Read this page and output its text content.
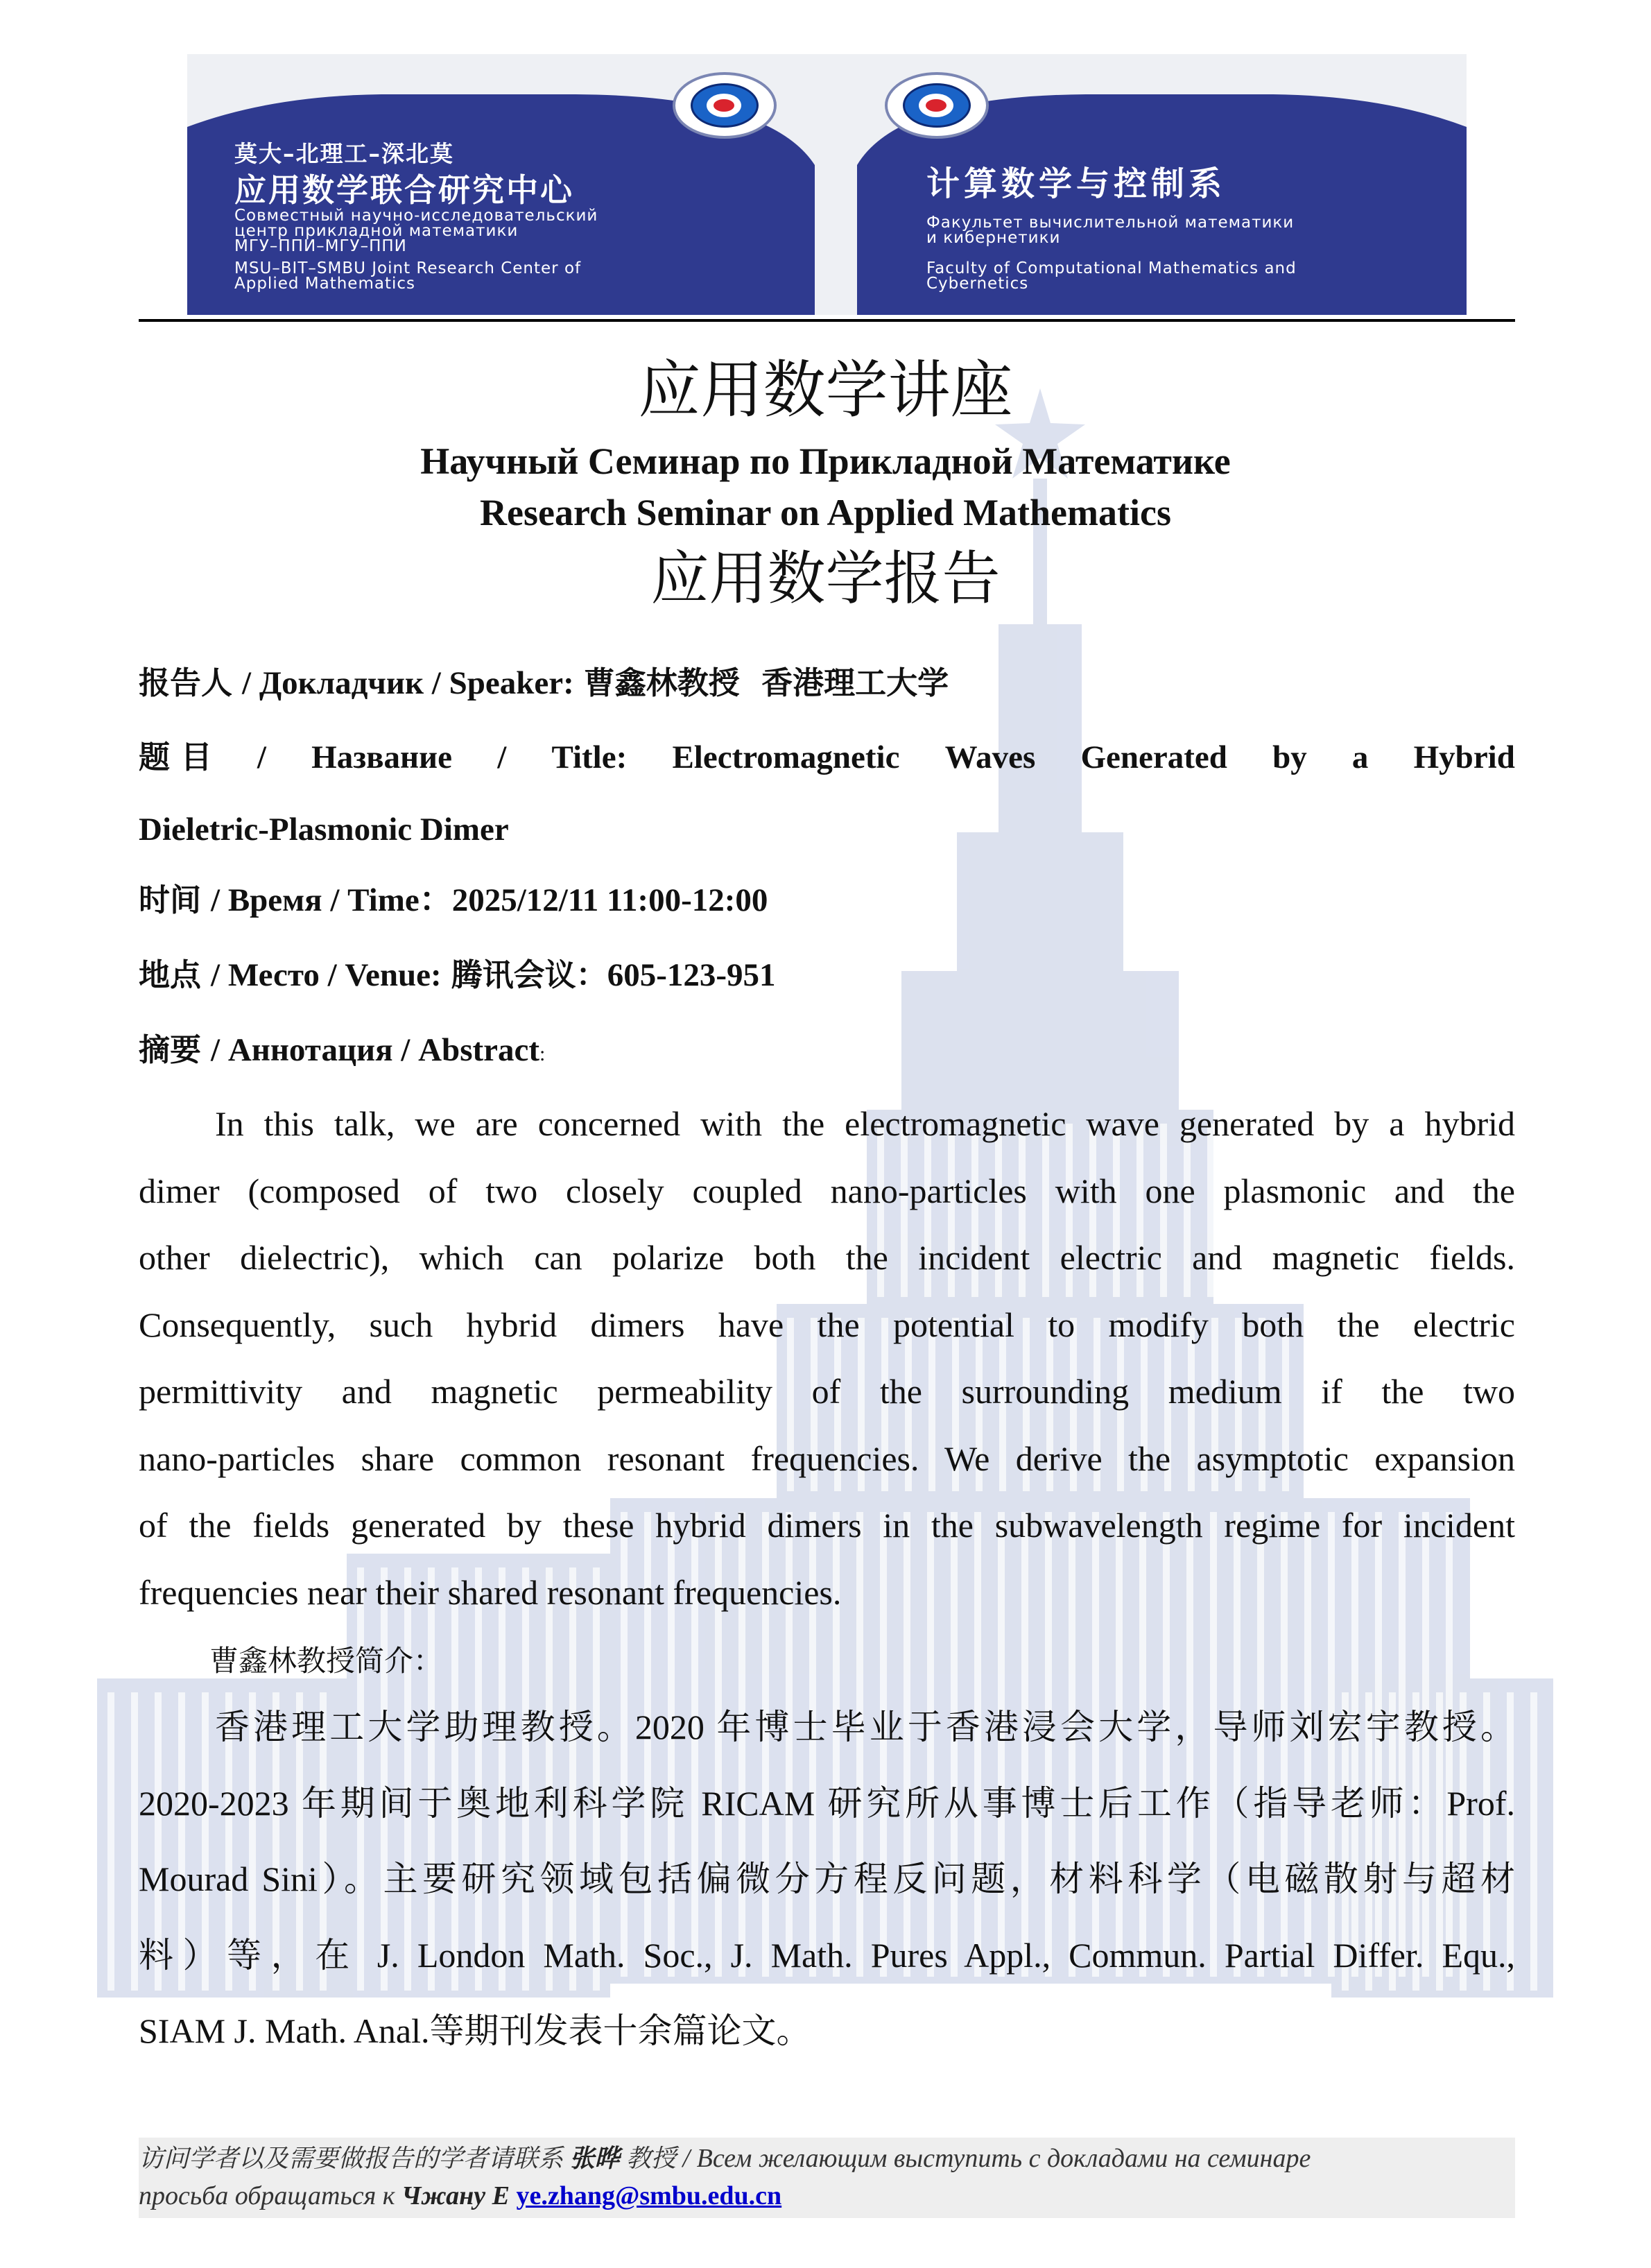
莫大–北理工–深北莫
应用数学联合研究中心
Совместный научно-исследовательский
центр прикладной математики
МГУ–ППИ–МГУ–ППИ
MSU–BIT–SMBU Joint Research Center of
Applied Mathematics
计算数学与控制系
Факультет вычислительной математики
и кибернетики
Faculty of Computational Mathematics and
Cybernetics
应用数学讲座
Научный Семинар по Прикладной Математике
Research Seminar on Applied Mathematics
应用数学报告
报告人 / Докладчик / Speaker: 曹鑫林教授  香港理工大学
题 目 / Название / Title: Electromagnetic Waves Generated by a Hybrid
Dieletric-Plasmonic Dimer
时间 / Время / Time：2025/12/11 11:00-12:00
地点 / Место / Venue: 腾讯会议：605-123-951
摘要 / Аннотация / Abstract:
In this talk, we are concerned with the electromagnetic wave generated by a hybrid
dimer (composed of two closely coupled nano-particles with one plasmonic and the
other dielectric), which can polarize both the incident electric and magnetic fields.
Consequently, such hybrid dimers have the potential to modify both the electric
permittivity and magnetic permeability of the surrounding medium if the two
nano-particles share common resonant frequencies. We derive the asymptotic expansion
of the fields generated by these hybrid dimers in the subwavelength regime for incident
frequencies near their shared resonant frequencies.
曹鑫林教授简介：
香港理工大学助理教授。2020 年博士毕业于香港浸会大学，导师刘宏宇教授。
2020-2023 年期间于奥地利科学院 RICAM 研究所从事博士后工作（指导老师：Prof.
Mourad Sini）。主要研究领域包括偏微分方程反问题，材料科学（电磁散射与超材
料）等，在 J. London Math. Soc., J. Math. Pures Appl., Commun. Partial Differ. Equ.,
SIAM J. Math. Anal.等期刊发表十余篇论文。
访问学者以及需要做报告的学者请联系 张晔 教授 / Всем желающим выступить с докладами на семинаре
просьба обращаться к Чжану Е ye.zhang@smbu.edu.cn
